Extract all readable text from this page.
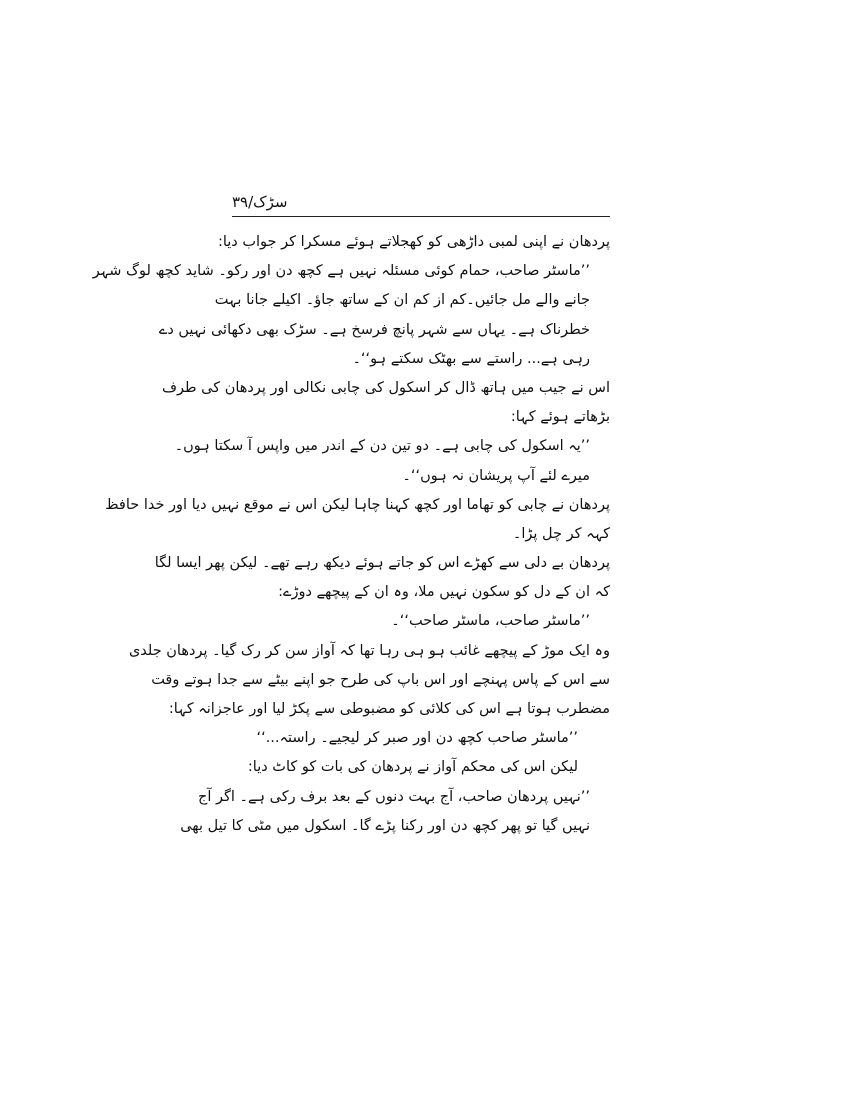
سڑک/۳۹
پردھان نے اپنی لمبی داڑھی کو کھجلاتے ہوئے مسکرا کر جواب دیا:
’’ماسٹر صاحب، حمام کوئی مسئلہ نہیں ہے کچھ دن اور رکو۔ شاید کچھ لوگ شہر
جانے والے مل جائیں۔کم از کم ان کے ساتھ جاؤ۔ اکیلے جانا بہت
خطرناک ہے۔ یہاں سے شہر پانچ فرسخ ہے۔ سڑک بھی دکھائی نہیں دے
رہی ہے... راستے سے بھٹک سکتے ہو‘‘۔
اس نے جیب میں ہاتھ ڈال کر اسکول کی چابی نکالی اور پردھان کی طرف
بڑھاتے ہوئے کہا:
’’یہ اسکول کی چابی ہے۔ دو تین دن کے اندر میں واپس آ سکتا ہوں۔
میرے لئے آپ پریشان نہ ہوں‘‘۔
پردھان نے چابی کو تھاما اور کچھ کہنا چاہا لیکن اس نے موقع نہیں دیا اور خدا حافظ
کہہ کر چل پڑا۔
پردھان بے دلی سے کھڑے اس کو جاتے ہوئے دیکھ رہے تھے۔ لیکن پھر ایسا لگا
کہ ان کے دل کو سکون نہیں ملا، وہ ان کے پیچھے دوڑے:
’’ماسٹر صاحب، ماسٹر صاحب‘‘۔
وہ ایک موڑ کے پیچھے غائب ہو ہی رہا تھا کہ آواز سن کر رک گیا۔ پردھان جلدی
سے اس کے پاس پہنچے اور اس باپ کی طرح جو اپنے بیٹے سے جدا ہوتے وقت
مضطرب ہوتا ہے اس کی کلائی کو مضبوطی سے پکڑ لیا اور عاجزانہ کہا:
’’ماسٹر صاحب کچھ دن اور صبر کر لیجیے۔ راستہ...‘‘
لیکن اس کی محکم آواز نے پردھان کی بات کو کاٹ دیا:
’’نہیں پردھان صاحب، آج بہت دنوں کے بعد برف رکی ہے۔ اگر آج
نہیں گیا تو پھر کچھ دن اور رکنا پڑے گا۔ اسکول میں مٹی کا تیل بھی
